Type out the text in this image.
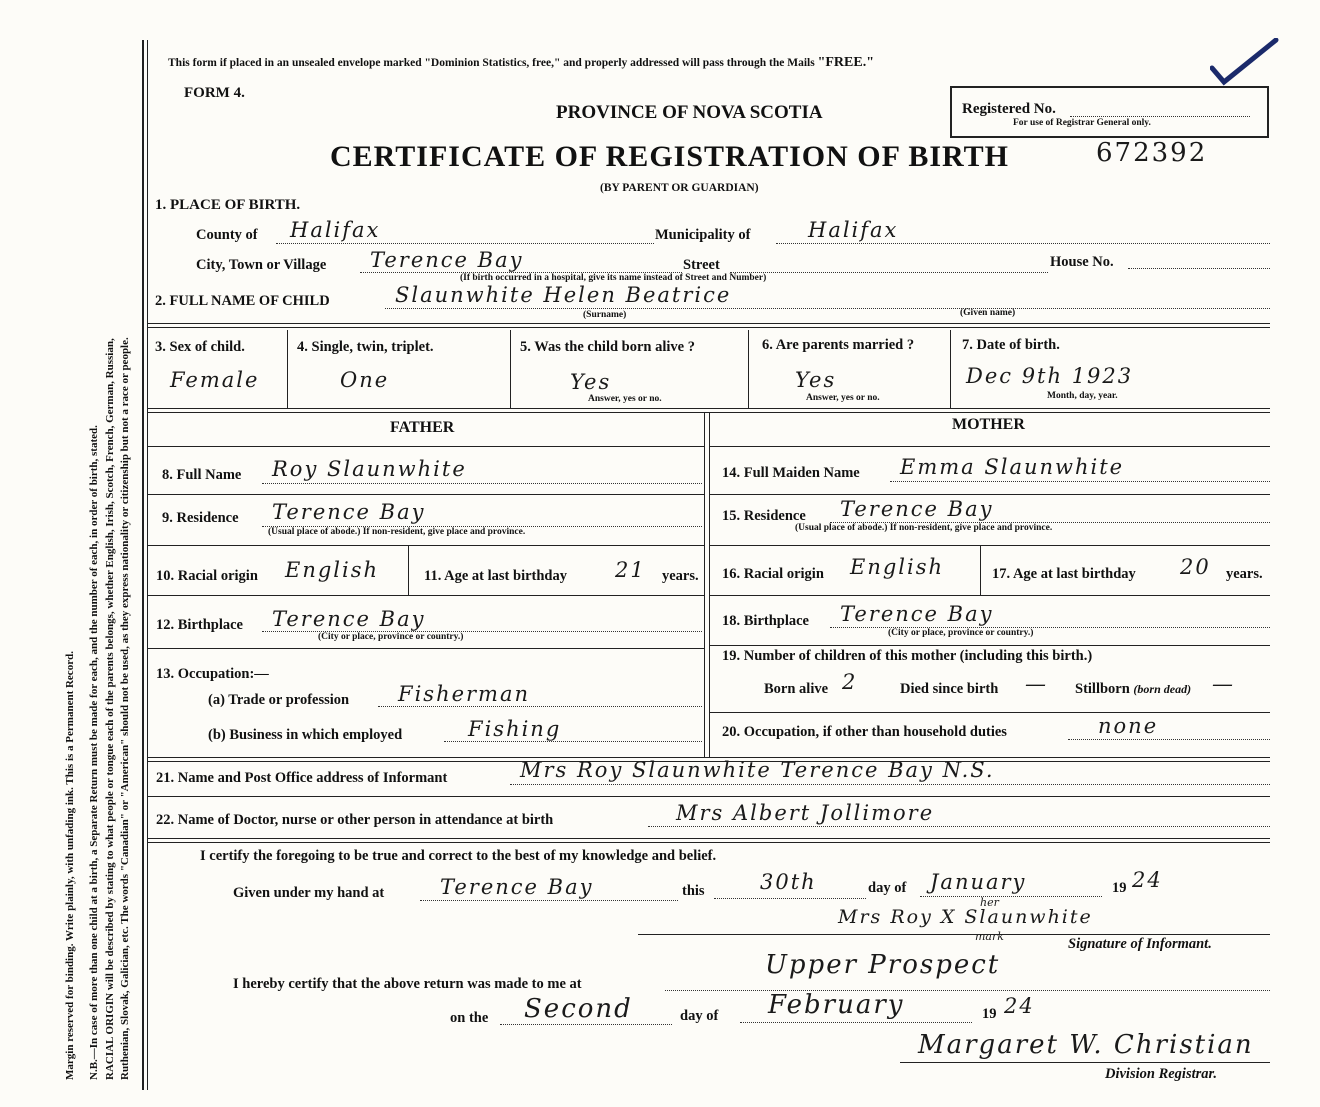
Margin reserved for binding. Write plainly, with unfading ink. This is a Permanent Record. N.B.—In case of more than one child at a birth, a Separate Return must be made for each, and the number of each, in order of birth, stated. RACIAL ORIGIN will be described by stating to what people or tongue each of the parents belongs, whether English, Irish, Scotch, French, German, Russian, Ruthenian, Slovak, Galician, etc. The words "Canadian" or "American" should not be used, as they express nationality or citizenship but not a race or people.
This form if placed in an unsealed envelope marked "Dominion Statistics, free," and properly addressed will pass through the Mails "FREE."
FORM 4.
PROVINCE OF NOVA SCOTIA
CERTIFICATE OF REGISTRATION OF BIRTH	672392
(BY PARENT OR GUARDIAN)
Registered No.
For use of Registrar General only.
1. PLACE OF BIRTH.
County of Halifax	Municipality of	Halifax
City, Town or Village Terence Bay	Street	House No.
(If birth occurred in a hospital, give its name instead of Street and Number)
2. FULL NAME OF CHILD	Slaunwhite Helen Beatrice
(Surname)	(Given name)
3. Sex of child.
Female
4. Single, twin, triplet.
One
5. Was the child born alive ?
Yes
Answer, yes or no.
6. Are parents married ?
Yes
Answer, yes or no.
7. Date of birth.
Dec 9th 1923
Month, day, year.
FATHER	MOTHER
8. Full Name Roy Slaunwhite
9. Residence Terence Bay
(Usual place of abode.) If non-resident, give place and province.
10. Racial origin English	11. Age at last birthday 21 years.
12. Birthplace Terence Bay
(City or place, province or country.)
13. Occupation:—
(a) Trade or profession Fisherman
(b) Business in which employed	Fishing
14. Full Maiden Name Emma Slaunwhite
15. Residence Terence Bay
(Usual place of abode.) If non-resident, give place and province.
16. Racial origin English	17. Age at last birthday 20 years.
18. Birthplace Terence Bay
(City or place, province or country.)
19. Number of children of this mother (including this birth.)
Born alive 2	Died since birth — Stillborn (born dead) —
20. Occupation, if other than household duties	none
21. Name and Post Office address of Informant	Mrs Roy Slaunwhite Terence Bay N.S.
22. Name of Doctor, nurse or other person in attendance at birth	Mrs Albert Jollimore
I certify the foregoing to be true and correct to the best of my knowledge and belief.
Given under my hand at	Terence Bay	this	30th	day of January	19 24
Mrs Roy X Slaunwhite
her
mark	Signature of Informant.
I hereby certify that the above return was made to me at
Upper Prospect
on the Second	day of February	19 24
Margaret W. Christian
Division Registrar.
